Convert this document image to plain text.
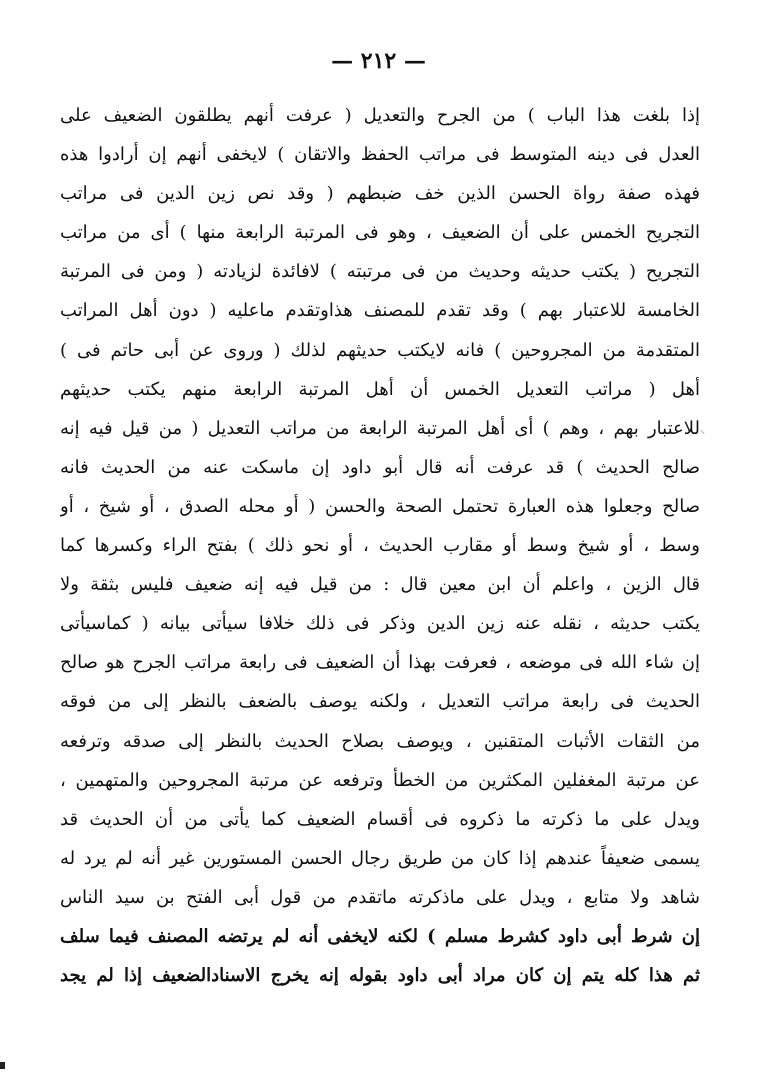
— ٢١٢ —
إذا بلغت هذا الباب ) من الجرح والتعديل ( عرفت أنهم يطلقون الضعيف على
العدل فى دينه المتوسط فى مراتب الحفظ والاتقان ) لايخفى أنهم إن أرادوا هذه
فهذه صفة رواة الحسن الذين خف ضبطهم ( وقد نص زين الدين فى مراتب
التجريح الخمس على أن الضعيف ، وهو فى المرتبة الرابعة منها ) أى من مراتب
التجريح ( يكتب حديثه وحديث من فى مرتبته ) لافائدة لزيادته ( ومن فى المرتبة
الخامسة للاعتبار بهم ) وقد تقدم للمصنف هذاوتقدم ماعليه ( دون أهل المراتب
المتقدمة من المجروحين ) فانه لايكتب حديثهم لذلك ( وروى عن أبى حاتم فى )
أهل ( مراتب التعديل الخمس أن أهل المرتبة الرابعة منهم يكتب حديثهم
للاعتبار بهم ، وهم ) أى أهل المرتبة الرابعة من مراتب التعديل ( من قيل فيه إنه
صالح الحديث ) قد عرفت أنه قال أبو داود إن ماسكت عنه من الحديث فانه
صالح وجعلوا هذه العبارة تحتمل الصحة والحسن ( أو محله الصدق ، أو شيخ ، أو
وسط ، أو شيخ وسط أو مقارب الحديث ، أو نحو ذلك ) بفتح الراء وكسرها كما
قال الزين ، واعلم أن ابن معين قال : من قيل فيه إنه ضعيف فليس بثقة ولا
يكتب حديثه ، نقله عنه زين الدين وذكر فى ذلك خلافا سيأتى بيانه ( كماسيأتى
إن شاء الله فى موضعه ، فعرفت بهذا أن الضعيف فى رابعة مراتب الجرح هو صالح
الحديث فى رابعة مراتب التعديل ، ولكنه يوصف بالضعف بالنظر إلى من فوقه
من الثقات الأثبات المتقنين ، ويوصف بصلاح الحديث بالنظر إلى صدقه وترفعه
عن مرتبة المغفلين المكثرين من الخطأ وترفعه عن مرتبة المجروحين والمتهمين ،
ويدل على ما ذكرته ما ذكروه فى أقسام الضعيف كما يأتى من أن الحديث قد
يسمى ضعيفاً عندهم إذا كان من طريق رجال الحسن المستورين غير أنه لم يرد له
شاهد ولا متابع ، ويدل على ماذكرته ماتقدم من قول أبى الفتح بن سيد الناس
إن شرط أبى داود كشرط مسلم ) لكنه لايخفى أنه لم يرتضه المصنف فيما سلف
ثم هذا كله يتم إن كان مراد أبى داود بقوله إنه يخرج الاسنادالضعيف إذا لم يجد
⸜
